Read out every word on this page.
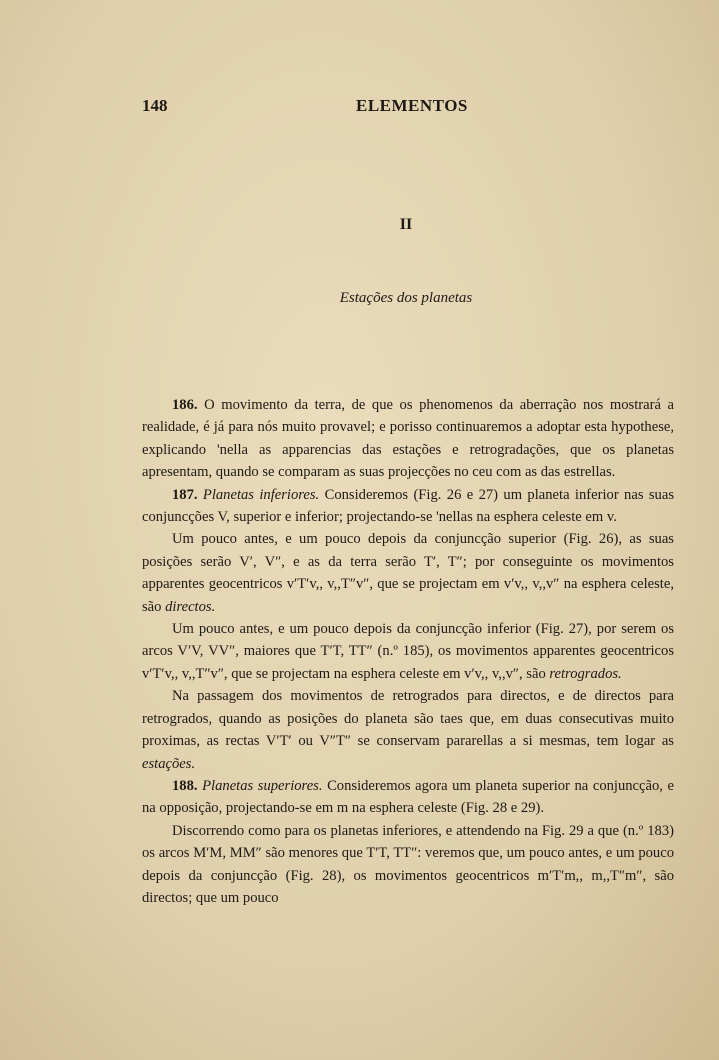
148	ELEMENTOS
II
Estações dos planetas

186. O movimento da terra, de que os phenomenos da aberração nos mostrará a realidade, é já para nós muito provavel; e porisso continuaremos a adoptar esta hypothese, explicando 'nella as apparencias das estações e retrogradações, que os planetas apresentam, quando se comparam as suas projecções no ceu com as das estrellas.

187. Planetas inferiores. Consideremos (Fig. 26 e 27) um planeta inferior nas suas conjuncções V, superior e inferior; projectando-se 'nellas na esphera celeste em v.

Um pouco antes, e um pouco depois da conjuncção superior (Fig. 26), as suas posições serão V′, V″, e as da terra serão T′, T″; por conseguinte os movimentos apparentes geocentricos v′T′v,, v,,T″v″, que se projectam em v′v,, v,,v″ na esphera celeste, são directos.

Um pouco antes, e um pouco depois da conjuncção inferior (Fig. 27), por serem os arcos V′V, VV″, maiores que T′T, TT″ (n.º 185), os movimentos apparentes geocentricos v′T′v,, v,,T″v″, que se projectam na esphera celeste em v′v,, v,,v″, são retrogrados.

Na passagem dos movimentos de retrogrados para directos, e de directos para retrogrados, quando as posições do planeta são taes que, em duas consecutivas muito proximas, as rectas V′T′ ou V″T″ se conservam pararellas a si mesmas, tem logar as estações.

188. Planetas superiores. Consideremos agora um planeta superior na conjuncção, e na opposição, projectando-se em m na esphera celeste (Fig. 28 e 29).

Discorrendo como para os planetas inferiores, e attendendo na Fig. 29 a que (n.º 183) os arcos M′M, MM″ são menores que T′T, TT″: veremos que, um pouco antes, e um pouco depois da conjuncção (Fig. 28), os movimentos geocentricos m′T′m,, m,,T″m″, são directos; que um pouco
